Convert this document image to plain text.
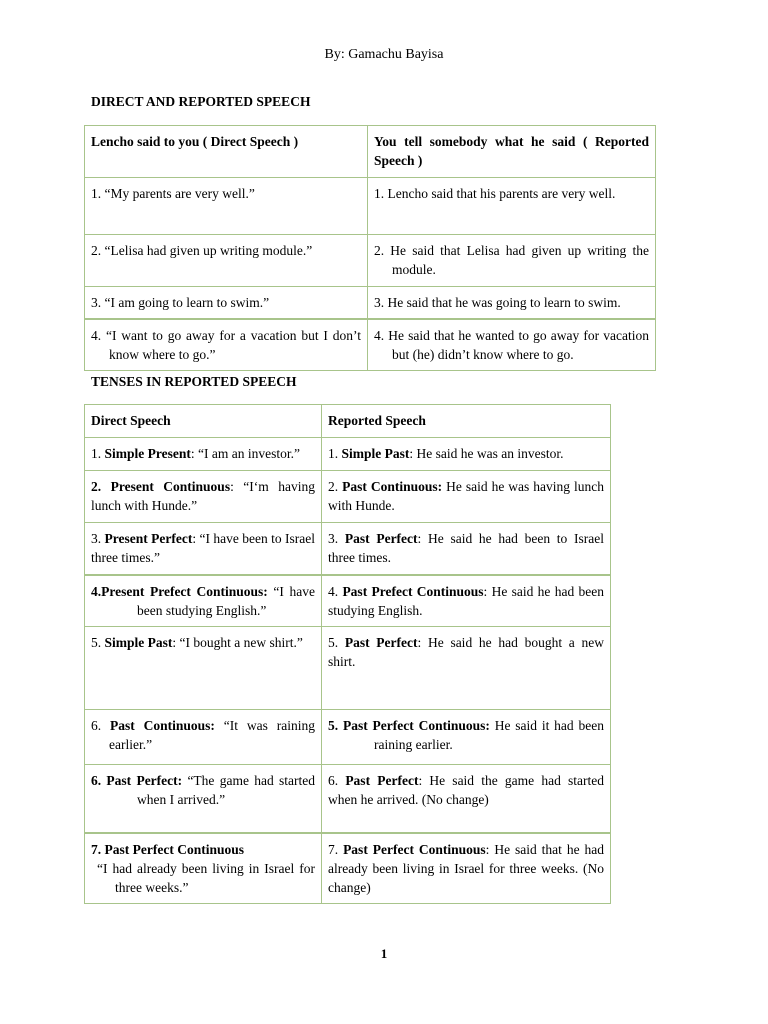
By: Gamachu Bayisa
DIRECT AND REPORTED SPEECH
Lencho said to you ( Direct Speech )	You tell somebody what he said ( Reported Speech )
1. “My parents are very well.”	1. Lencho said that his parents are very well.
2. “Lelisa had given up writing module.”	2. He said that Lelisa had given up writing the module.
3. “I am going to learn to swim.”	3. He said that he was going to learn to swim.
4. “I want to go away for a vacation but I don’t know where to go.”	4. He said that he wanted to go away for vacation but (he) didn’t know where to go.
TENSES IN REPORTED SPEECH
Direct Speech	Reported Speech
1. Simple Present: “I am an investor.”	1. Simple Past: He said he was an investor.
2. Present Continuous: “I‘m having lunch with Hunde.”	2. Past Continuous: He said he was having lunch with Hunde.
3. Present Perfect: “I have been to Israel three times.”	3. Past Perfect: He said he had been to Israel three times.
4.Present Prefect Continuous: “I have been studying English.”	4. Past Prefect Continuous: He said he had been studying English.
5. Simple Past: “I bought a new shirt.”	5. Past Perfect: He said he had bought a new shirt.
6. Past Continuous: “It was raining earlier.”	5. Past Perfect Continuous: He said it had been raining earlier.
6. Past Perfect: “The game had started when I arrived.”	6. Past Perfect: He said the game had started when he arrived. (No change)
7. Past Perfect Continuous
“I had already been living in Israel for three weeks.”	7. Past Perfect Continuous: He said that he had already been living in Israel for three weeks. (No change)
1
